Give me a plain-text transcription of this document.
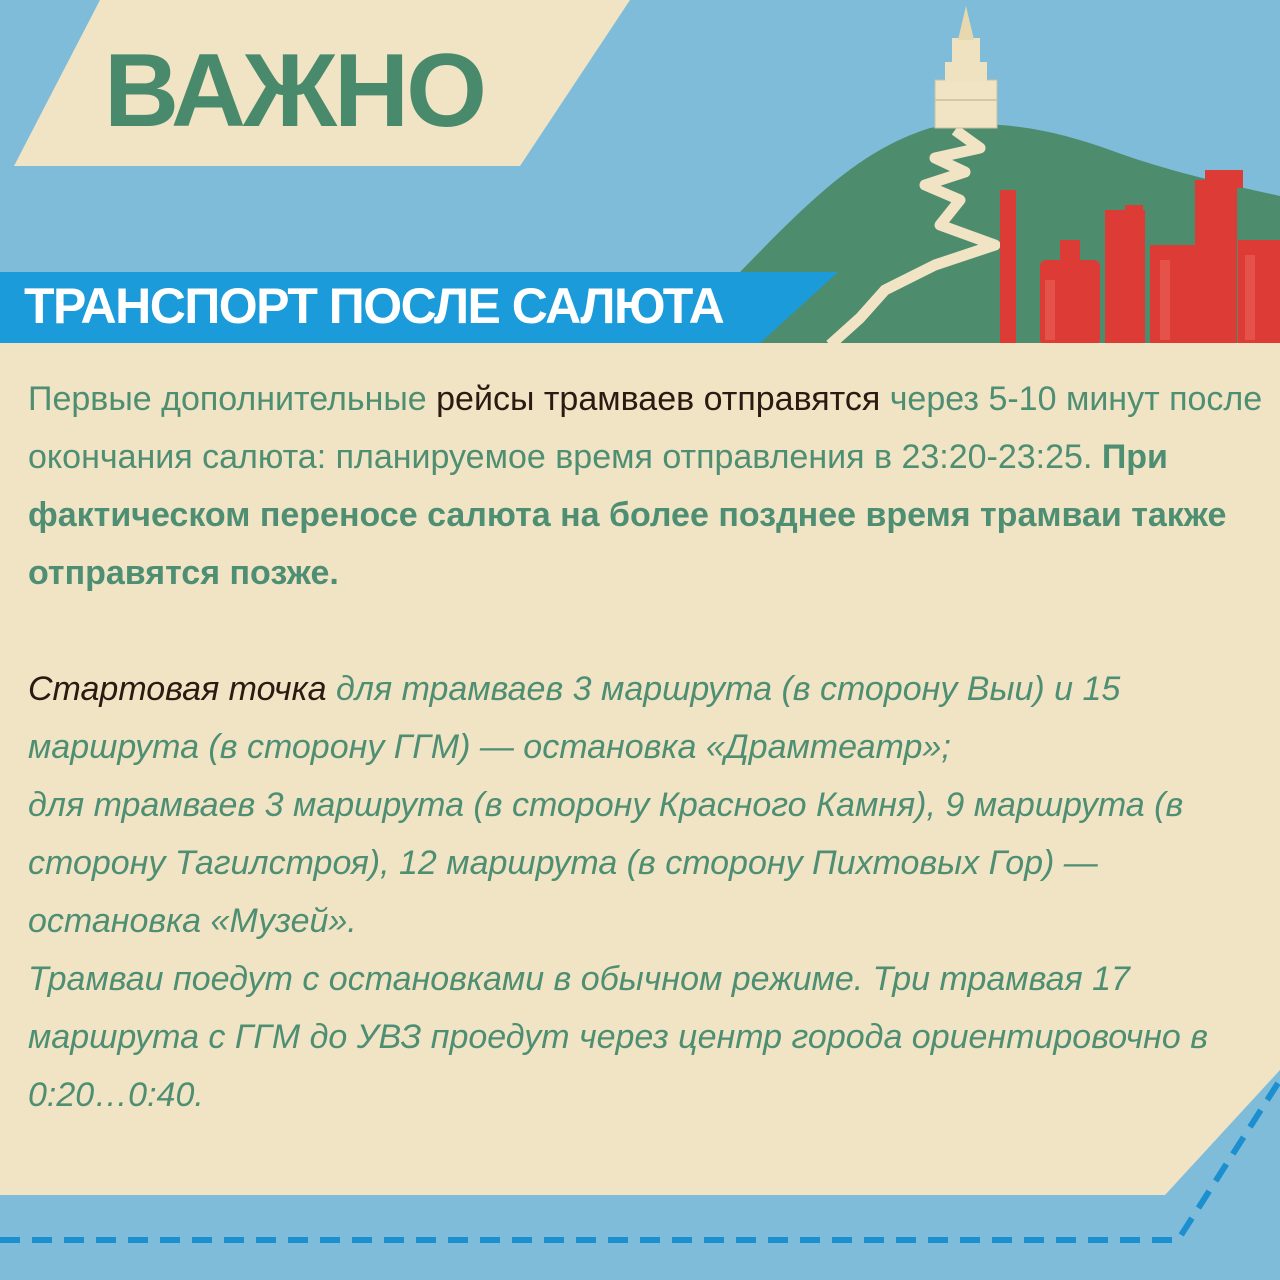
ВАЖНО
ТРАНСПОРТ ПОСЛЕ САЛЮТА

Первые дополнительные рейсы трамваев отправятся через 5-10 минут после окончания салюта: планируемое время отправления в 23:20-23:25. При фактическом переносе салюта на более позднее время трамваи также отправятся позже.

Стартовая точка для трамваев 3 маршрута (в сторону Выи) и 15 маршрута (в сторону ГГМ) — остановка «Драмтеатр»;

для трамваев 3 маршрута (в сторону Красного Камня), 9 маршрута (в сторону Тагилстроя), 12 маршрута (в сторону Пихтовых Гор) — остановка «Музей».

Трамваи поедут с остановками в обычном режиме. Три трамвая 17 маршрута с ГГМ до УВЗ проедут через центр города ориентировочно в 0:20…0:40.
